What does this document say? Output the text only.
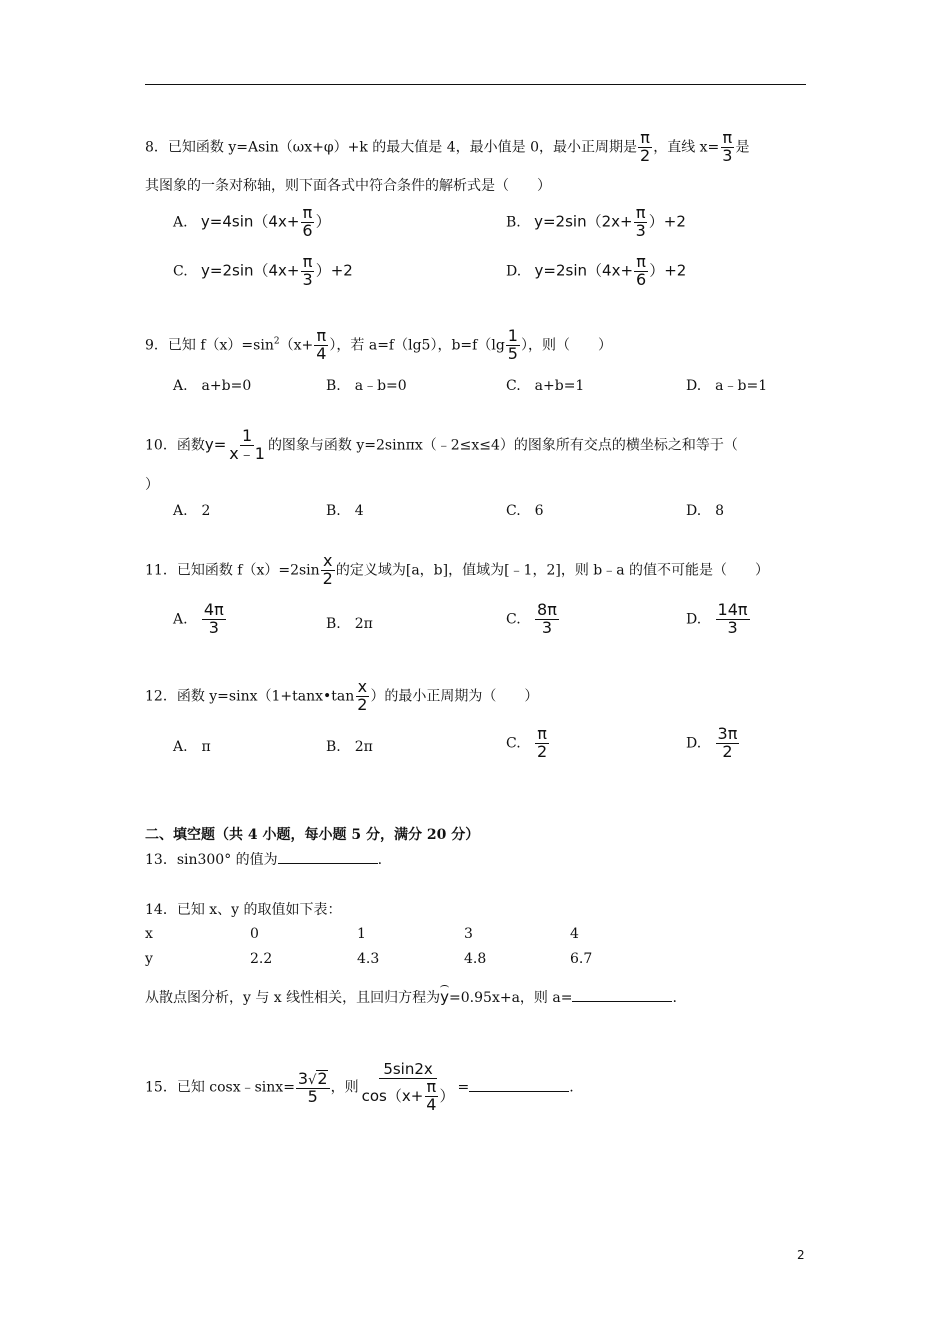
8．已知函数 y=Asin（ωx+φ）+k 的最大值是 4，最小值是 0，最小正周期是 $\frac{\pi}{2}$ ，直线 $x= \frac{\pi}{3}$ 是
其图象的一条对称轴，则下面各式中符合条件的解析式是（　　）
A. $y=4\sin(4x+ \frac{\pi}{6}$ ）	B. $y=2\sin(2x+ \frac{\pi}{3} )+2$
C. $y=2\sin(4x+ \frac{\pi}{3} )+2$	D. $y=2\sin(4x+ \frac{\pi}{6} )+2$
9．已知 $f(x)=\sin^2(x+ \frac{\pi}{4}$ ），若 a=f（lg5），$b=f(\lg \frac{1}{5}$ ），则（　　）
A.　a+b=0	B.　a﹣b=0	C.　a+b=1	D.　a﹣b=1
10．函数$y= \frac{1}{x﹣1}$ 的图象与函数 y=2sinπx（﹣2≤x≤4）的图象所有交点的横坐标之和等于（
）
A.　2	B.　4	C.　6	D.　8
11．已知函数 $f(x)=2\sin \frac{x}{2}$ 的定义域为[a，b]，值域为[﹣1，2]，则 b﹣a 的值不可能是（　　）
A. $\frac{4\pi}{3}$	B.　2π	C. $\frac{8\pi}{3}$	D. $\frac{14\pi}{3}$
12．函数 y=sinx（1+tanx•tan $\frac{x}{2}$ ）的最小正周期为（　　）
A.　π	B.　2π	C. $\frac{\pi}{2}$	D. $\frac{3\pi}{2}$
二、填空题（共 4 小题，每小题 5 分，满分 20 分）
13．sin300° 的值为	.
14．已知 x、y 的取值如下表：
x	0	1	3	4
y	2.2	4.3	4.8	6.7
从散点图分析，y 与 x 线性相关，且回归方程为y=0.95x+a，则 a=	.
15．已知 cosx﹣sinx= $\frac{3√2}{5}$ ，则 $\frac{5\sin 2x}{\cos(x+ \frac{\pi}{4} )}$ =	.
2
